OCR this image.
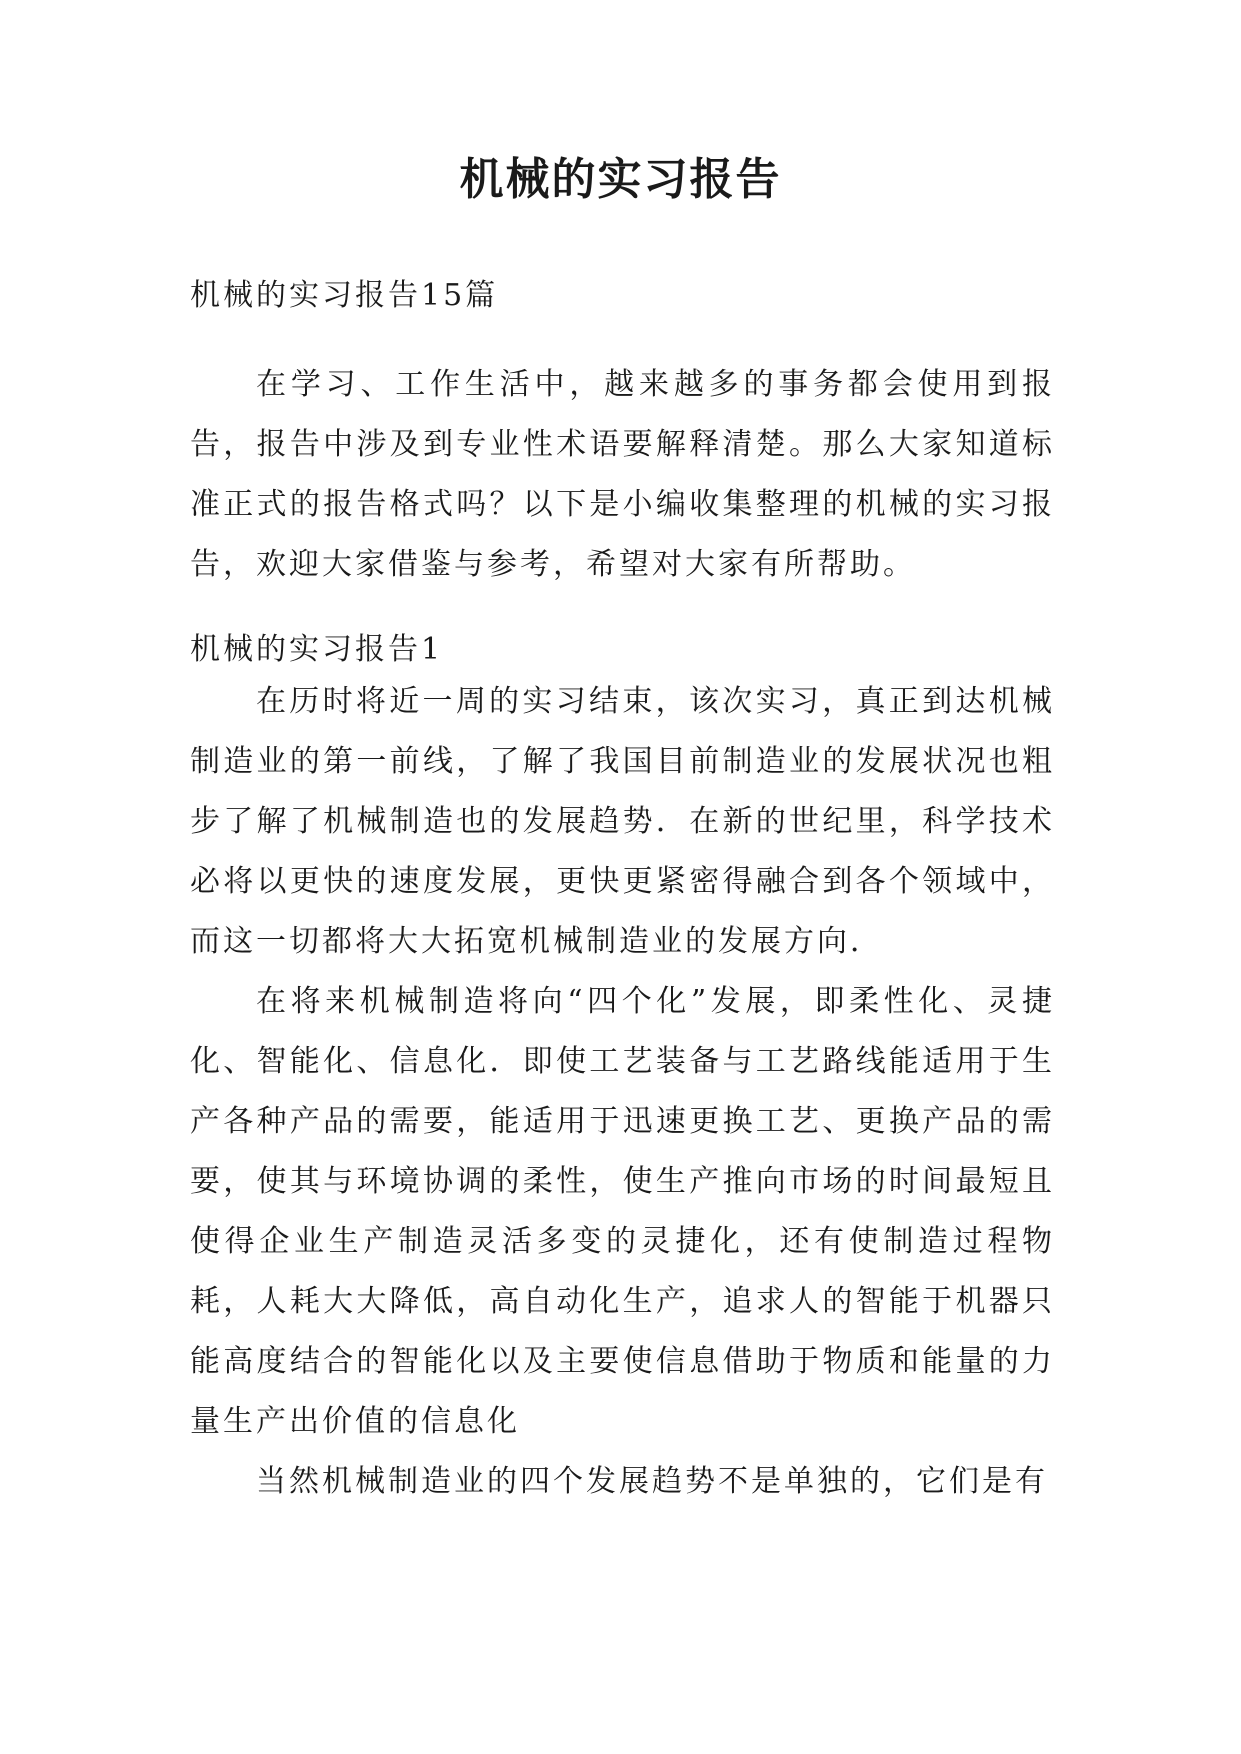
机械的实习报告

机械的实习报告15篇

在学习、工作生活中，越来越多的事务都会使用到报告，报告中涉及到专业性术语要解释清楚。那么大家知道标准正式的报告格式吗？以下是小编收集整理的机械的实习报告，欢迎大家借鉴与参考，希望对大家有所帮助。

机械的实习报告1

在历时将近一周的实习结束，该次实习，真正到达机械制造业的第一前线，了解了我国目前制造业的发展状况也粗步了解了机械制造也的发展趋势．在新的世纪里，科学技术必将以更快的速度发展，更快更紧密得融合到各个领域中，而这一切都将大大拓宽机械制造业的发展方向．

在将来机械制造将向“四个化”发展，即柔性化、灵捷化、智能化、信息化．即使工艺装备与工艺路线能适用于生产各种产品的需要，能适用于迅速更换工艺、更换产品的需要，使其与环境协调的柔性，使生产推向市场的时间最短且使得企业生产制造灵活多变的灵捷化，还有使制造过程物耗，人耗大大降低，高自动化生产，追求人的智能于机器只能高度结合的智能化以及主要使信息借助于物质和能量的力量生产出价值的信息化

当然机械制造业的四个发展趋势不是单独的，它们是有
